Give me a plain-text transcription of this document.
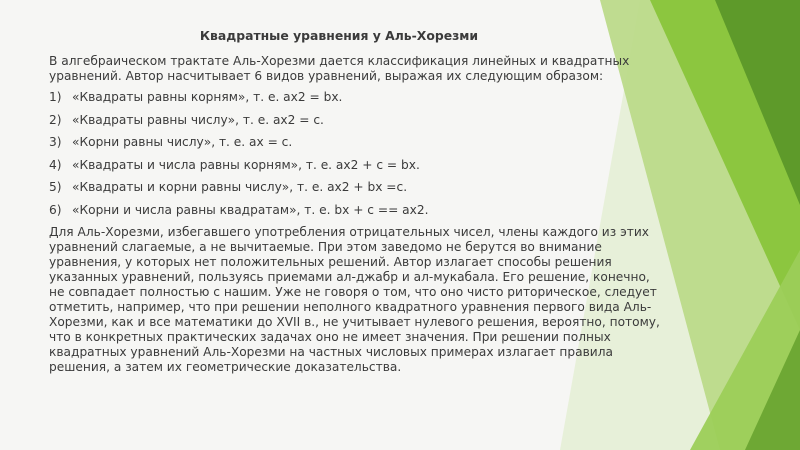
Квадратные уравнения у Аль-Хорезми
В алгебраическом трактате Аль-Хорезми дается классификация линейных и квадратных уравнений. Автор насчитывает 6 видов уравнений, выражая их следующим образом:
1) «Квадраты равны корням», т. е. ax2 = bx.
2) «Квадраты равны числу», т. е. ax2 = c.
3) «Корни равны числу», т. е. ax = c.
4) «Квадраты и числа равны корням», т. е. ax2 + c = bx.
5) «Квадраты и корни равны числу», т. е. ax2 + bx =c.
6) «Корни и числа равны квадратам», т. е. bx + c == ax2.
Для Аль-Хорезми, избегавшего употребления отрицательных чисел, члены каждого из этих уравнений слагаемые, а не вычитаемые. При этом заведомо не берутся во внимание уравнения, у которых нет положительных решений. Автор излагает способы решения указанных уравнений, пользуясь приемами ал-джабр и ал-мукабала. Его решение, конечно, не совпадает полностью с нашим. Уже не говоря о том, что оно чисто риторическое, следует отметить, например, что при решении неполного квадратного уравнения первого вида Аль-Хорезми, как и все математики до XVII в., не учитывает нулевого решения, вероятно, потому, что в конкретных практических задачах оно не имеет значения. При решении полных квадратных уравнений Аль-Хорезми на частных числовых примерах излагает правила решения, а затем их геометрические доказательства.
